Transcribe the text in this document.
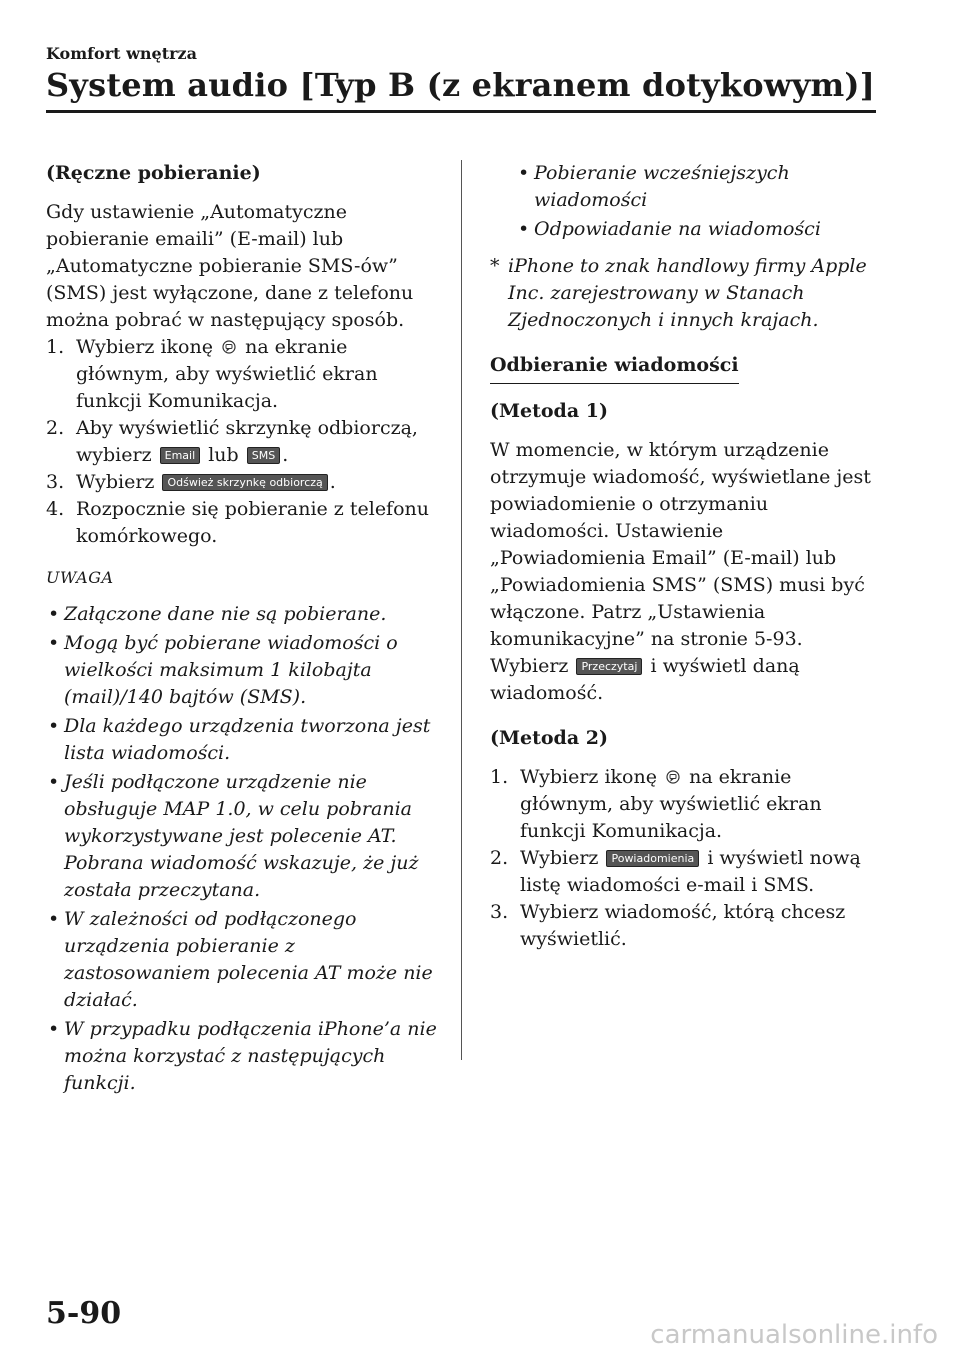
Komfort wnętrza
System audio [Typ B (z ekranem dotykowym)]

(Ręczne pobieranie)

Gdy ustawienie „Automatyczne pobieranie emaili” (E-mail) lub „Automatyczne pobieranie SMS-ów” (SMS) jest wyłączone, dane z telefonu można pobrać w następujący sposób.

1. Wybierz ikonę na ekranie głównym, aby wyświetlić ekran funkcji Komunikacja.
2. Aby wyświetlić skrzynkę odbiorczą, wybierz Email lub SMS .
3. Wybierz Odśwież skrzynkę odbiorczą .
4. Rozpocznie się pobieranie z telefonu komórkowego.

UWAGA

• Załączone dane nie są pobierane.
• Mogą być pobierane wiadomości o wielkości maksimum 1 kilobajta (mail)/140 bajtów (SMS).
• Dla każdego urządzenia tworzona jest lista wiadomości.
• Jeśli podłączone urządzenie nie obsługuje MAP 1.0, w celu pobrania wykorzystywane jest polecenie AT. Pobrana wiadomość wskazuje, że już została przeczytana.
• W zależności od podłączonego urządzenia pobieranie z zastosowaniem polecenia AT może nie działać.
• W przypadku podłączenia iPhone’a nie można korzystać z następujących funkcji.
• Pobieranie wcześniejszych wiadomości
• Odpowiadanie na wiadomości
* iPhone to znak handlowy firmy Apple Inc. zarejestrowany w Stanach Zjednoczonych i innych krajach.
Odbieranie wiadomości

(Metoda 1)

W momencie, w którym urządzenie otrzymuje wiadomość, wyświetlane jest powiadomienie o otrzymaniu wiadomości. Ustawienie „Powiadomienia Email” (E-mail) lub „Powiadomienia SMS” (SMS) musi być włączone. Patrz „Ustawienia komunikacyjne” na stronie 5-93.

Wybierz Przeczytaj i wyświetl daną wiadomość.

(Metoda 2)

1. Wybierz ikonę na ekranie głównym, aby wyświetlić ekran funkcji Komunikacja.
2. Wybierz Powiadomienia i wyświetl nową listę wiadomości e-mail i SMS.
3. Wybierz wiadomość, którą chcesz wyświetlić.
5-90
carmanualsonline.info
